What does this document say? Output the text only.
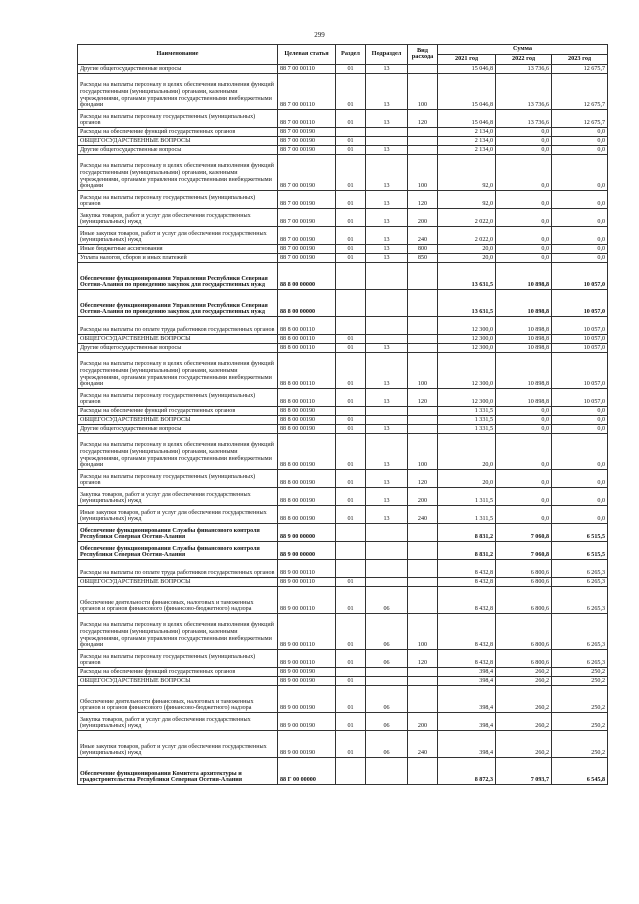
299
Наименование	Целевая статья	Раздел	Подраздел	Вид расхода	Сумма		
					2021 год	2022 год	2023 год
Другие общегосударственные вопросы	88 7 00 00110	01	13		15 046,8	13 736,6	12 675,7
Расходы на выплаты персоналу в целях обеспечения выполнения функций государственными (муниципальными) органами, казенными учреждениями, органами управления государственными внебюджетными фондами	88 7 00 00110	01	13	100	15 046,8	13 736,6	12 675,7
Расходы на выплаты персоналу государственных (муниципальных) органов	88 7 00 00110	01	13	120	15 046,8	13 736,6	12 675,7
Расходы на обеспечение функций государственных органов	88 7 00 00190				2 134,0	0,0	0,0
ОБЩЕГОСУДАРСТВЕННЫЕ ВОПРОСЫ	88 7 00 00190	01			2 134,0	0,0	0,0
Другие общегосударственные вопросы	88 7 00 00190	01	13		2 134,0	0,0	0,0
Расходы на выплаты персоналу в целях обеспечения выполнения функций государственными (муниципальными) органами, казенными учреждениями, органами управления государственными внебюджетными фондами	88 7 00 00190	01	13	100	92,0	0,0	0,0
Расходы на выплаты персоналу государственных (муниципальных) органов	88 7 00 00190	01	13	120	92,0	0,0	0,0
Закупка товаров, работ и услуг для обеспечения государственных (муниципальных) нужд	88 7 00 00190	01	13	200	2 022,0	0,0	0,0
Иные закупки товаров, работ и услуг для обеспечения государственных (муниципальных) нужд	88 7 00 00190	01	13	240	2 022,0	0,0	0,0
Иные бюджетные ассигнования	88 7 00 00190	01	13	800	20,0	0,0	0,0
Уплата налогов, сборов и иных платежей	88 7 00 00190	01	13	850	20,0	0,0	0,0
Обеспечение функционирования Управления Республики Северная Осетия-Алания по проведению закупок для государственных нужд	88 8 00 00000				13 631,5	10 898,8	10 057,0
Обеспечение функционирования Управления Республики Северная Осетия-Алания по проведению закупок для государственных нужд	88 8 00 00000				13 631,5	10 898,8	10 057,0
Расходы на выплаты по оплате труда работников государственных органов	88 8 00 00110				12 300,0	10 898,8	10 057,0
ОБЩЕГОСУДАРСТВЕННЫЕ ВОПРОСЫ	88 8 00 00110	01			12 300,0	10 898,8	10 057,0
Другие общегосударственные вопросы	88 8 00 00110	01	13		12 300,0	10 898,8	10 057,0
Расходы на выплаты персоналу в целях обеспечения выполнения функций государственными (муниципальными) органами, казенными учреждениями, органами управления государственными внебюджетными фондами	88 8 00 00110	01	13	100	12 300,0	10 898,8	10 057,0
Расходы на выплаты персоналу государственных (муниципальных) органов	88 8 00 00110	01	13	120	12 300,0	10 898,8	10 057,0
Расходы на обеспечение функций государственных органов	88 8 00 00190				1 331,5	0,0	0,0
ОБЩЕГОСУДАРСТВЕННЫЕ ВОПРОСЫ	88 8 00 00190	01			1 331,5	0,0	0,0
Другие общегосударственные вопросы	88 8 00 00190	01	13		1 331,5	0,0	0,0
Расходы на выплаты персоналу в целях обеспечения выполнения функций государственными (муниципальными) органами, казенными учреждениями, органами управления государственными внебюджетными фондами	88 8 00 00190	01	13	100	20,0	0,0	0,0
Расходы на выплаты персоналу государственных (муниципальных) органов	88 8 00 00190	01	13	120	20,0	0,0	0,0
Закупка товаров, работ и услуг для обеспечения государственных (муниципальных) нужд	88 8 00 00190	01	13	200	1 311,5	0,0	0,0
Иные закупки товаров, работ и услуг для обеспечения государственных (муниципальных) нужд	88 8 00 00190	01	13	240	1 311,5	0,0	0,0
Обеспечение функционирования Службы финансового контроля Республики Северная Осетия-Алания	88 9 00 00000				8 831,2	7 060,8	6 515,5
Обеспечение функционирования Службы финансового контроля Республики Северная Осетия-Алания	88 9 00 00000				8 831,2	7 060,8	6 515,5
Расходы на выплаты по оплате труда работников государственных органов	88 9 00 00110				8 432,8	6 800,6	6 265,3
ОБЩЕГОСУДАРСТВЕННЫЕ ВОПРОСЫ	88 9 00 00110	01			8 432,8	6 800,6	6 265,3
Обеспечение деятельности финансовых, налоговых и таможенных органов и органов финансового (финансово-бюджетного) надзора	88 9 00 00110	01	06		8 432,8	6 800,6	6 265,3
Расходы на выплаты персоналу в целях обеспечения выполнения функций государственными (муниципальными) органами, казенными учреждениями, органами управления государственными внебюджетными фондами	88 9 00 00110	01	06	100	8 432,8	6 800,6	6 265,3
Расходы на выплаты персоналу государственных (муниципальных) органов	88 9 00 00110	01	06	120	8 432,8	6 800,6	6 265,3
Расходы на обеспечение функций государственных органов	88 9 00 00190				398,4	260,2	250,2
ОБЩЕГОСУДАРСТВЕННЫЕ ВОПРОСЫ	88 9 00 00190	01			398,4	260,2	250,2
Обеспечение деятельности финансовых, налоговых и таможенных органов и органов финансового (финансово-бюджетного) надзора	88 9 00 00190	01	06		398,4	260,2	250,2
Закупка товаров, работ и услуг для обеспечения государственных (муниципальных) нужд	88 9 00 00190	01	06	200	398,4	260,2	250,2
Иные закупки товаров, работ и услуг для обеспечения государственных (муниципальных) нужд	88 9 00 00190	01	06	240	398,4	260,2	250,2
Обеспечение функционирования Комитета архитектуры и градостроительства Республики Северная Осетия-Алания	88 Г 00 00000				8 872,3	7 093,7	6 545,8
